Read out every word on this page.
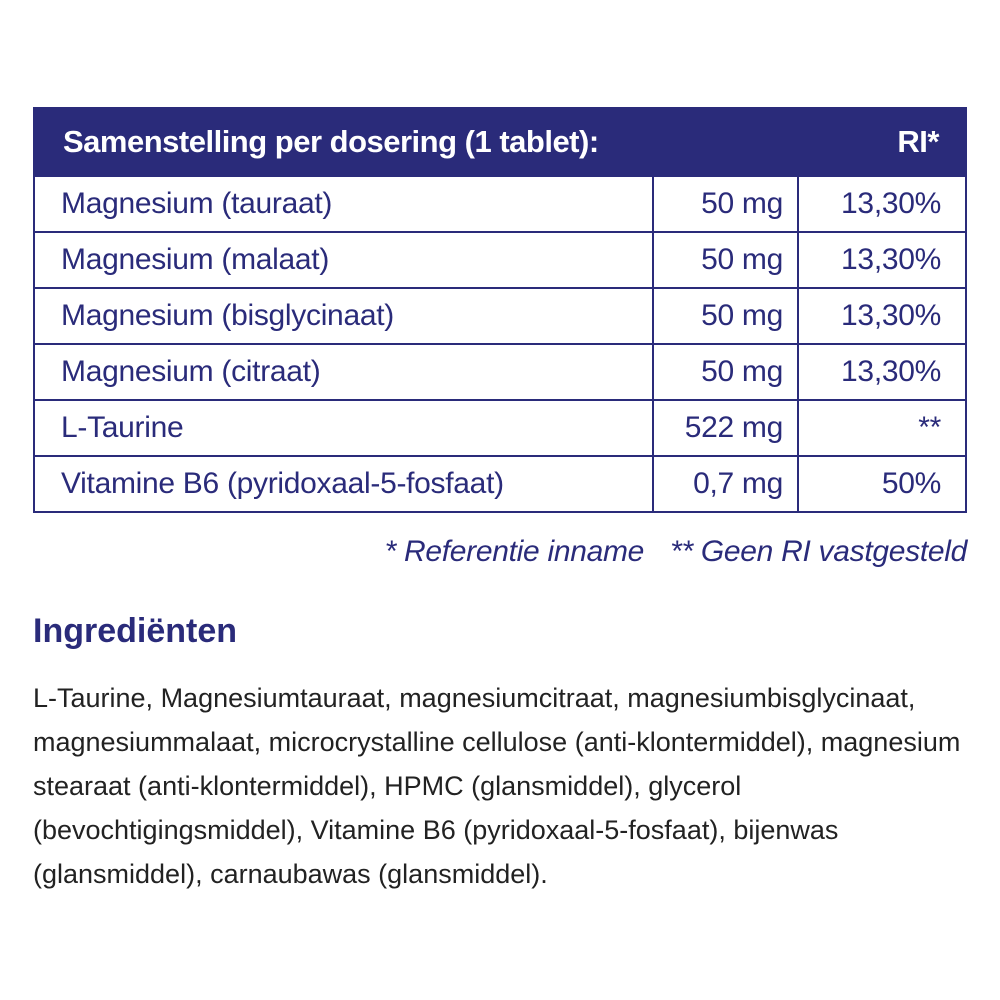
Samenstelling per dosering (1 tablet):	RI*
Magnesium (tauraat)	50 mg	13,30%
Magnesium (malaat)	50 mg	13,30%
Magnesium (bisglycinaat)	50 mg	13,30%
Magnesium (citraat)	50 mg	13,30%
L-Taurine	522 mg	**
Vitamine B6 (pyridoxaal-5-fosfaat)	0,7 mg	50%
* Referentie inname ** Geen RI vastgesteld
Ingrediënten

L-Taurine, Magnesiumtauraat, magnesiumcitraat, magnesiumbisglycinaat, magnesiummalaat, microcrystalline cellulose (anti-klontermiddel), magnesium stearaat (anti-klontermiddel), HPMC (glansmiddel), glycerol (bevochtigingsmiddel), Vitamine B6 (pyridoxaal-5-fosfaat), bijenwas (glansmiddel), carnaubawas (glansmiddel).
